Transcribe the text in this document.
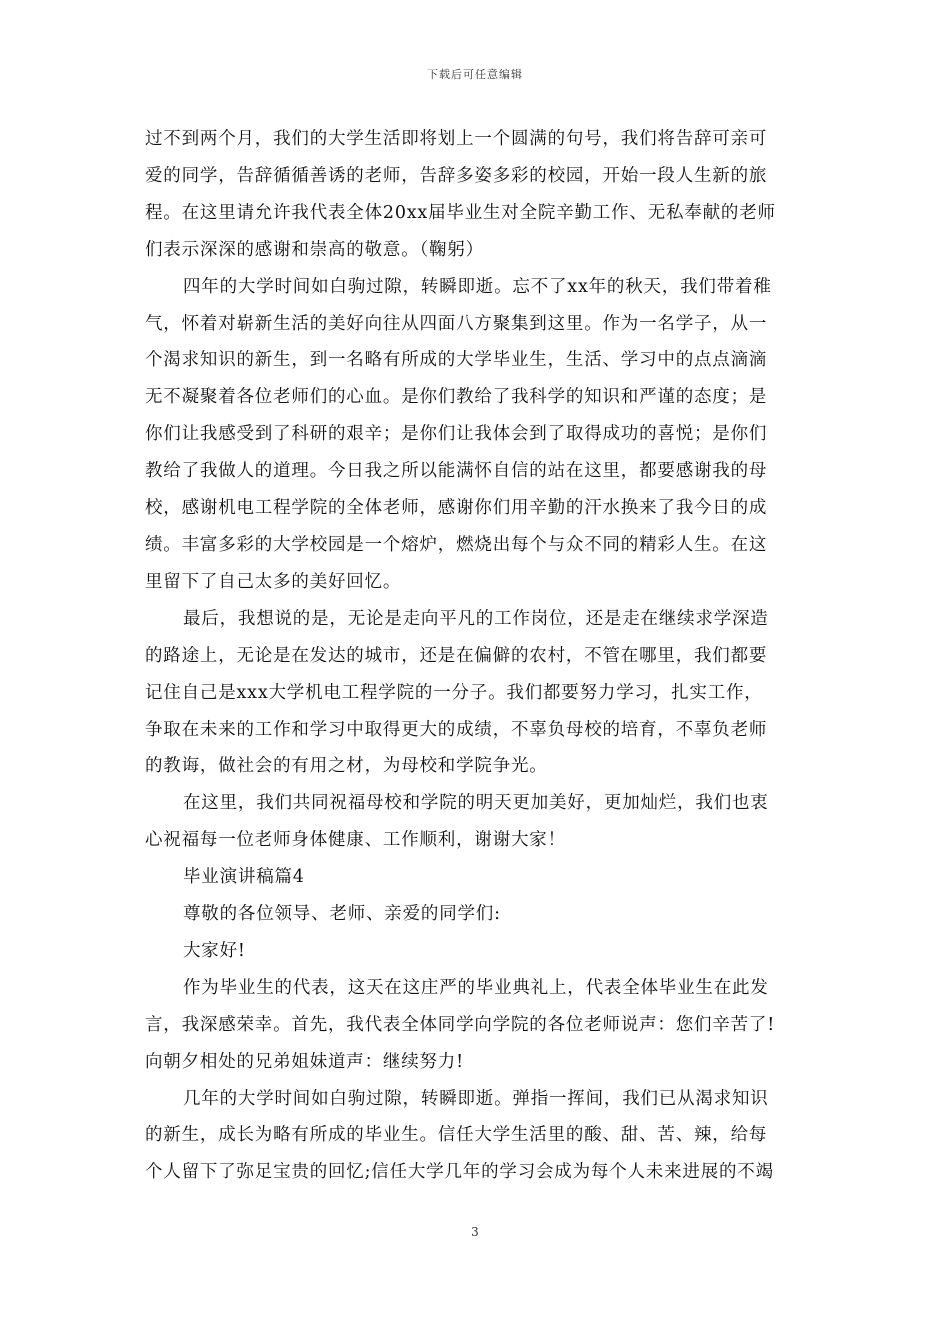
下载后可任意编辑

过不到两个月，我们的大学生活即将划上一个圆满的句号，我们将告辞可亲可
爱的同学，告辞循循善诱的老师，告辞多姿多彩的校园，开始一段人生新的旅
程。在这里请允许我代表全体20xx届毕业生对全院辛勤工作、无私奉献的老师
们表示深深的感谢和崇高的敬意。（鞠躬）

四年的大学时间如白驹过隙，转瞬即逝。忘不了xx年的秋天，我们带着稚
气，怀着对崭新生活的美好向往从四面八方聚集到这里。作为一名学子，从一
个渴求知识的新生，到一名略有所成的大学毕业生，生活、学习中的点点滴滴
无不凝聚着各位老师们的心血。是你们教给了我科学的知识和严谨的态度；是
你们让我感受到了科研的艰辛；是你们让我体会到了取得成功的喜悦；是你们
教给了我做人的道理。今日我之所以能满怀自信的站在这里，都要感谢我的母
校，感谢机电工程学院的全体老师，感谢你们用辛勤的汗水换来了我今日的成
绩。丰富多彩的大学校园是一个熔炉，燃烧出每个与众不同的精彩人生。在这
里留下了自己太多的美好回忆。

最后，我想说的是，无论是走向平凡的工作岗位，还是走在继续求学深造
的路途上，无论是在发达的城市，还是在偏僻的农村，不管在哪里，我们都要
记住自己是xxx大学机电工程学院的一分子。我们都要努力学习，扎实工作，
争取在未来的工作和学习中取得更大的成绩，不辜负母校的培育，不辜负老师
的教诲，做社会的有用之材，为母校和学院争光。

在这里，我们共同祝福母校和学院的明天更加美好，更加灿烂，我们也衷
心祝福每一位老师身体健康、工作顺利，谢谢大家！

毕业演讲稿篇4

尊敬的各位领导、老师、亲爱的同学们:

大家好!

作为毕业生的代表，这天在这庄严的毕业典礼上，代表全体毕业生在此发
言，我深感荣幸。首先，我代表全体同学向学院的各位老师说声：您们辛苦了!
向朝夕相处的兄弟姐妹道声：继续努力!

几年的大学时间如白驹过隙，转瞬即逝。弹指一挥间，我们已从渴求知识
的新生，成长为略有所成的毕业生。信任大学生活里的酸、甜、苦、辣，给每
个人留下了弥足宝贵的回忆;信任大学几年的学习会成为每个人未来进展的不竭

3
